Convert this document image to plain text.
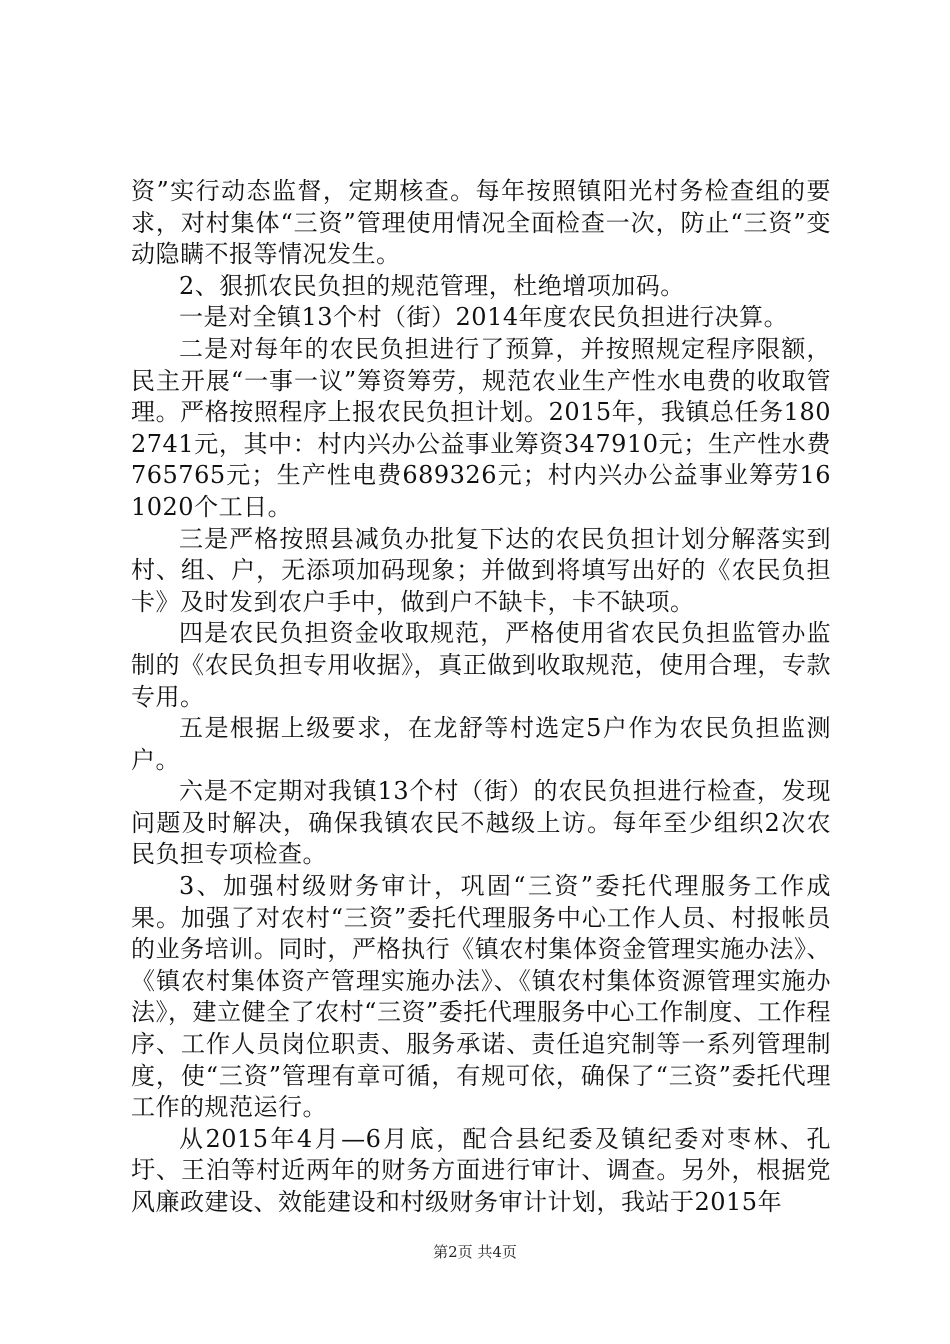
资”实行动态监督，定期核查。每年按照镇阳光村务检查组的要求，对村集体“三资”管理使用情况全面检查一次，防止“三资”变动隐瞒不报等情况发生。

2、狠抓农民负担的规范管理，杜绝增项加码。

一是对全镇13个村（街）2014年度农民负担进行决算。

二是对每年的农民负担进行了预算，并按照规定程序限额，民主开展“一事一议”筹资筹劳，规范农业生产性水电费的收取管理。严格按照程序上报农民负担计划。2015年，我镇总任务1802741元，其中：村内兴办公益事业筹资347910元；生产性水费765765元；生产性电费689326元；村内兴办公益事业筹劳161020个工日。

三是严格按照县减负办批复下达的农民负担计划分解落实到村、组、户，无添项加码现象；并做到将填写出好的《农民负担卡》及时发到农户手中，做到户不缺卡，卡不缺项。

四是农民负担资金收取规范，严格使用省农民负担监管办监制的《农民负担专用收据》，真正做到收取规范，使用合理，专款专用。

五是根据上级要求，在龙舒等村选定5户作为农民负担监测户。

六是不定期对我镇13个村（街）的农民负担进行检查，发现问题及时解决，确保我镇农民不越级上访。每年至少组织2次农民负担专项检查。

3、加强村级财务审计，巩固“三资”委托代理服务工作成果。加强了对农村“三资”委托代理服务中心工作人员、村报帐员的业务培训。同时，严格执行《镇农村集体资金管理实施办法》、《镇农村集体资产管理实施办法》、《镇农村集体资源管理实施办法》，建立健全了农村“三资”委托代理服务中心工作制度、工作程序、工作人员岗位职责、服务承诺、责任追究制等一系列管理制度，使“三资”管理有章可循，有规可依，确保了“三资”委托代理工作的规范运行。

从2015年4月—6月底，配合县纪委及镇纪委对枣林、孔圩、王泊等村近两年的财务方面进行审计、调查。另外，根据党风廉政建设、效能建设和村级财务审计计划，我站于2015年

第2页 共4页
